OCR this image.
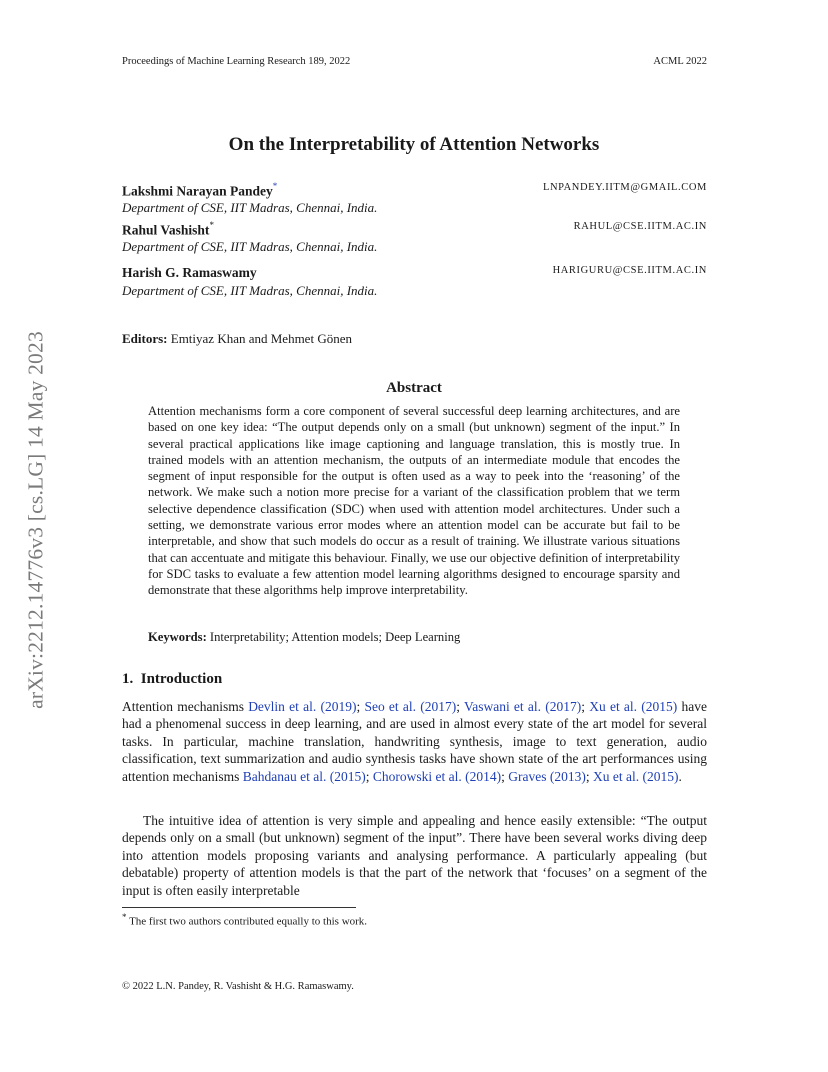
Proceedings of Machine Learning Research 189, 2022	ACML 2022
arXiv:2212.14776v3 [cs.LG] 14 May 2023
On the Interpretability of Attention Networks
Lakshmi Narayan Pandey*	LNPANDEY.IITM@GMAIL.COM
Department of CSE, IIT Madras, Chennai, India.
Rahul Vashisht*	RAHUL@CSE.IITM.AC.IN
Department of CSE, IIT Madras, Chennai, India.
Harish G. Ramaswamy	HARIGURU@CSE.IITM.AC.IN
Department of CSE, IIT Madras, Chennai, India.
Editors: Emtiyaz Khan and Mehmet Gönen
Abstract
Attention mechanisms form a core component of several successful deep learning architectures, and are based on one key idea: “The output depends only on a small (but unknown) segment of the input.” In several practical applications like image captioning and language translation, this is mostly true. In trained models with an attention mechanism, the outputs of an intermediate module that encodes the segment of input responsible for the output is often used as a way to peek into the ‘reasoning’ of the network. We make such a notion more precise for a variant of the classification problem that we term selective dependence classification (SDC) when used with attention model architectures. Under such a setting, we demonstrate various error modes where an attention model can be accurate but fail to be interpretable, and show that such models do occur as a result of training. We illustrate various situations that can accentuate and mitigate this behaviour. Finally, we use our objective definition of interpretability for SDC tasks to evaluate a few attention model learning algorithms designed to encourage sparsity and demonstrate that these algorithms help improve interpretability.
Keywords: Interpretability; Attention models; Deep Learning
1. Introduction
Attention mechanisms Devlin et al. (2019); Seo et al. (2017); Vaswani et al. (2017); Xu et al. (2015) have had a phenomenal success in deep learning, and are used in almost every state of the art model for several tasks. In particular, machine translation, handwriting synthesis, image to text generation, audio classification, text summarization and audio synthesis tasks have shown state of the art performances using attention mechanisms Bahdanau et al. (2015); Chorowski et al. (2014); Graves (2013); Xu et al. (2015).
The intuitive idea of attention is very simple and appealing and hence easily extensible: “The output depends only on a small (but unknown) segment of the input”. There have been several works diving deep into attention models proposing variants and analysing performance. A particularly appealing (but debatable) property of attention models is that the part of the network that ‘focuses’ on a segment of the input is often easily interpretable
* The first two authors contributed equally to this work.
© 2022 L.N. Pandey, R. Vashisht & H.G. Ramaswamy.
